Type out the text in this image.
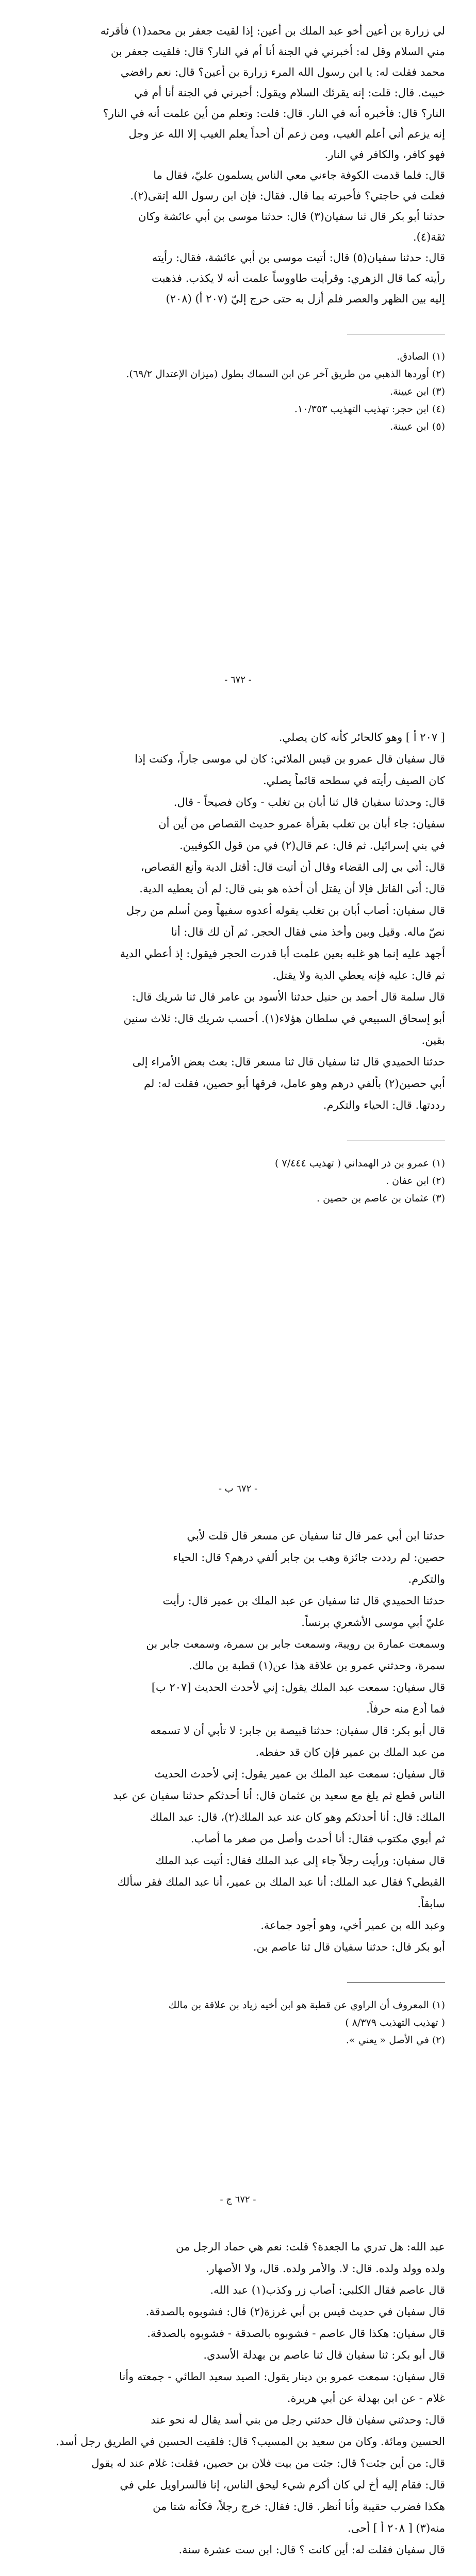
لي زرارة بن أعين أخو عبد الملك بن أعين: إذا لقيت جعفر بن محمد(١) فأقرئه

مني السلام وقل له: أخبرني في الجنة أنا أم في النار؟ قال: فلقيت جعفر بن

محمد فقلت له: يا ابن رسول الله المرء زرارة بن أعين؟ قال: نعم رافضي

خبيث. قال: قلت: إنه يقرئك السلام ويقول: أخبرني في الجنة أنا أم في

النار؟ قال: فأخبره أنه في النار. قال: قلت: وتعلم من أين علمت أنه في النار؟

إنه يزعم أني أعلم الغيب، ومن زعم أن أحداً يعلم الغيب إلا الله عز وجل

فهو كافر، والكافر في النار.

قال: فلما قدمت الكوفة جاءني معي الناس يسلمون عليّ، فقال ما

فعلت في حاجتي؟ فأخبرته بما قال. فقال: فإن ابن رسول الله إتقى(٢).

حدثنا أبو بكر قال ثنا سفيان(٣) قال: حدثنا موسى بن أبي عائشة وكان

ثقة(٤).

قال: حدثنا سفيان(٥) قال: أتيت موسى بن أبي عائشة، فقال: رأيته

رأيته كما قال الزهري: وقرأيت طاووساً علمت أنه لا يكذب. فذهبت

إليه بين الظهر والعصر فلم أزل به حتى خرج إليّ (٢٠٧ أ) (٢٠٨)

(١) الصادق.

(٢) أوردها الذهبي من طريق آخر عن ابن السماك بطول (ميزان الإعتدال ٦٩/٢).

(٣) ابن عيينة.

(٤) ابن حجر: تهذيب التهذيب ١٠/٣٥٣.

(٥) ابن عيينة.

- ٦٧٢ -

[ ٢٠٧ أ ] وهو كالحائر كأنه كان يصلي.

قال سفيان قال عمرو بن قيس الملائي: كان لي موسى جاراً، وكنت إذا

كان الصيف رأيته في سطحه قائماً يصلي.

قال: وحدثنا سفيان قال ثنا أبان بن تغلب - وكان فصيحاً - قال.

سفيان: جاء أبان بن تغلب بقرأة عمرو حديث القصاص من أين أن

في بني إسرائيل. ثم قال: عم قال(٢) في من قول الكوفيين.

قال: أتي بي إلى القضاء وقال أن أتيت قال: أقتل الدية وأنع القصاص،

قال: أتى القاتل فإلا أن يقتل أن أخذه هو بنى قال: لم أن يعطيه الدية.

قال سفيان: أصاب أبان بن تغلب يقوله أعدوه سفيهاً ومن أسلم من رجل

نصّ ماله. وقيل وبين وأخذ مني فقال الحجر. ثم أن لك قال: أنا

أجهد عليه إنما هو غلبه بعين علمت أبا قدرت الحجر فيقول: إذ أعطي الدية

ثم قال: عليه فإنه يعطي الدية ولا يقتل.

قال سلمة قال أحمد بن حنبل حدثنا الأسود بن عامر قال ثنا شريك قال:

أبو إسحاق السبيعي في سلطان هؤلاء(١). أحسب شريك قال: ثلاث سنين

بقين.

حدثنا الحميدي قال ثنا سفيان قال ثنا مسعر قال: بعث بعض الأمراء إلى

أبي حصين(٢) بألفي درهم وهو عامل، فرقها أبو حصين، فقلت له: لم

رددتها. قال: الحياء والتكرم.

(١) عمرو بن ذر الهمداني ( تهذيب ٧/٤٤٤ )

(٢) ابن عفان .

(٣) عثمان بن عاصم بن حصين .

- ٦٧٢ ب -

حدثنا ابن أبي عمر قال ثنا سفيان عن مسعر قال قلت لأبي

حصين: لم رددت جائزة وهب بن جابر ألفي درهم؟ قال: الحياء

والتكرم.

حدثنا الحميدي قال ثنا سفيان عن عبد الملك بن عمير قال: رأيت

عليّ أبي موسى الأشعري برنساً.

وسمعت عمارة بن رويبة، وسمعت جابر بن سمرة، وسمعت جابر بن

سمرة، وحدثني عمرو بن علاقة هذا عن(١) قطبة بن مالك.

قال سفيان: سمعت عبد الملك يقول: إني لأحدث الحديث [٢٠٧ ب]

فما أدع منه حرفاً.

قال أبو بكر: قال سفيان: حدثنا قبيصة بن جابر: لا تأبي أن لا تسمعه

من عبد الملك بن عمير فإن كان قد حفظه.

قال سفيان: سمعت عبد الملك بن عمير يقول: إني لأحدث الحديث

الناس قطع ثم يلغ مع سعيد بن عثمان قال: أنا أحدثكم حدثنا سفيان عن عبد

الملك: قال: أنا أحدثكم وهو كان عند عبد الملك(٢)، قال: عبد الملك

ثم أبوي مكتوب فقال: أنا أحدث وأصل من صغر ما أصاب.

قال سفيان: ورأيت رجلاً جاء إلى عبد الملك فقال: أتيت عبد الملك

القبطي؟ فقال عبد الملك: أنا عبد الملك بن عمير، أنا عبد الملك فقر سألك

سابقاً.

وعبد الله بن عمير أخي، وهو أجود جماعة.

أبو بكر قال: حدثنا سفيان قال ثنا عاصم بن.

(١) المعروف أن الراوي عن قطبة هو ابن أخيه زياد بن علاقة بن مالك

( تهذيب التهذيب ٨/٣٧٩ )

(٢) في الأصل « يعني ».

- ٦٧٢ ج -

عبد الله: هل تدري ما الجعدة؟ قلت: نعم هي حماد الرجل من

ولده وولد ولده. قال: لا. والأمر ولده. قال، ولا الأصهار.

قال عاصم فقال الكلبي: أصاب زر وكذب(١) عبد الله.

قال سفيان في حديث قيس بن أبي غرزة(٢) قال: فشوبوه بالصدقة.

قال سفيان: هكذا قال عاصم - فشوبوه بالصدقة - فشوبوه بالصدقة.

قال أبو بكر: ثنا سفيان قال ثنا عاصم بن بهدلة الأسدي.

قال سفيان: سمعت عمرو بن دينار يقول: الصيد سعيد الطائي - جمعته وأنا

غلام - عن ابن بهدلة عن أبي هريرة.

قال: وحدثني سفيان قال حدثني رجل من بني أسد يقال له نحو عند

الحسين ومائة. وكان من سعيد بن المسيب؟ قال: فلقيت الحسين في الطريق رجل أسد.

قال: من أين جئت؟ قال: جئت من بيت فلان بن حصين، فقلت: غلام عند له يقول

قال: فقام إليه أخ لي كان أكرم شيء ليحق الناس، إنا فالسراويل علي في

هكذا فضرب حقيبة وأنا أنظر. قال: فقال: خرج رجلاً، فكأنه شتا من

منه(٣) [ ٢٠٨ أ ] أحى.

قال سفيان فقلت له: أين كانت ؟ قال: ابن ست عشرة سنة.
